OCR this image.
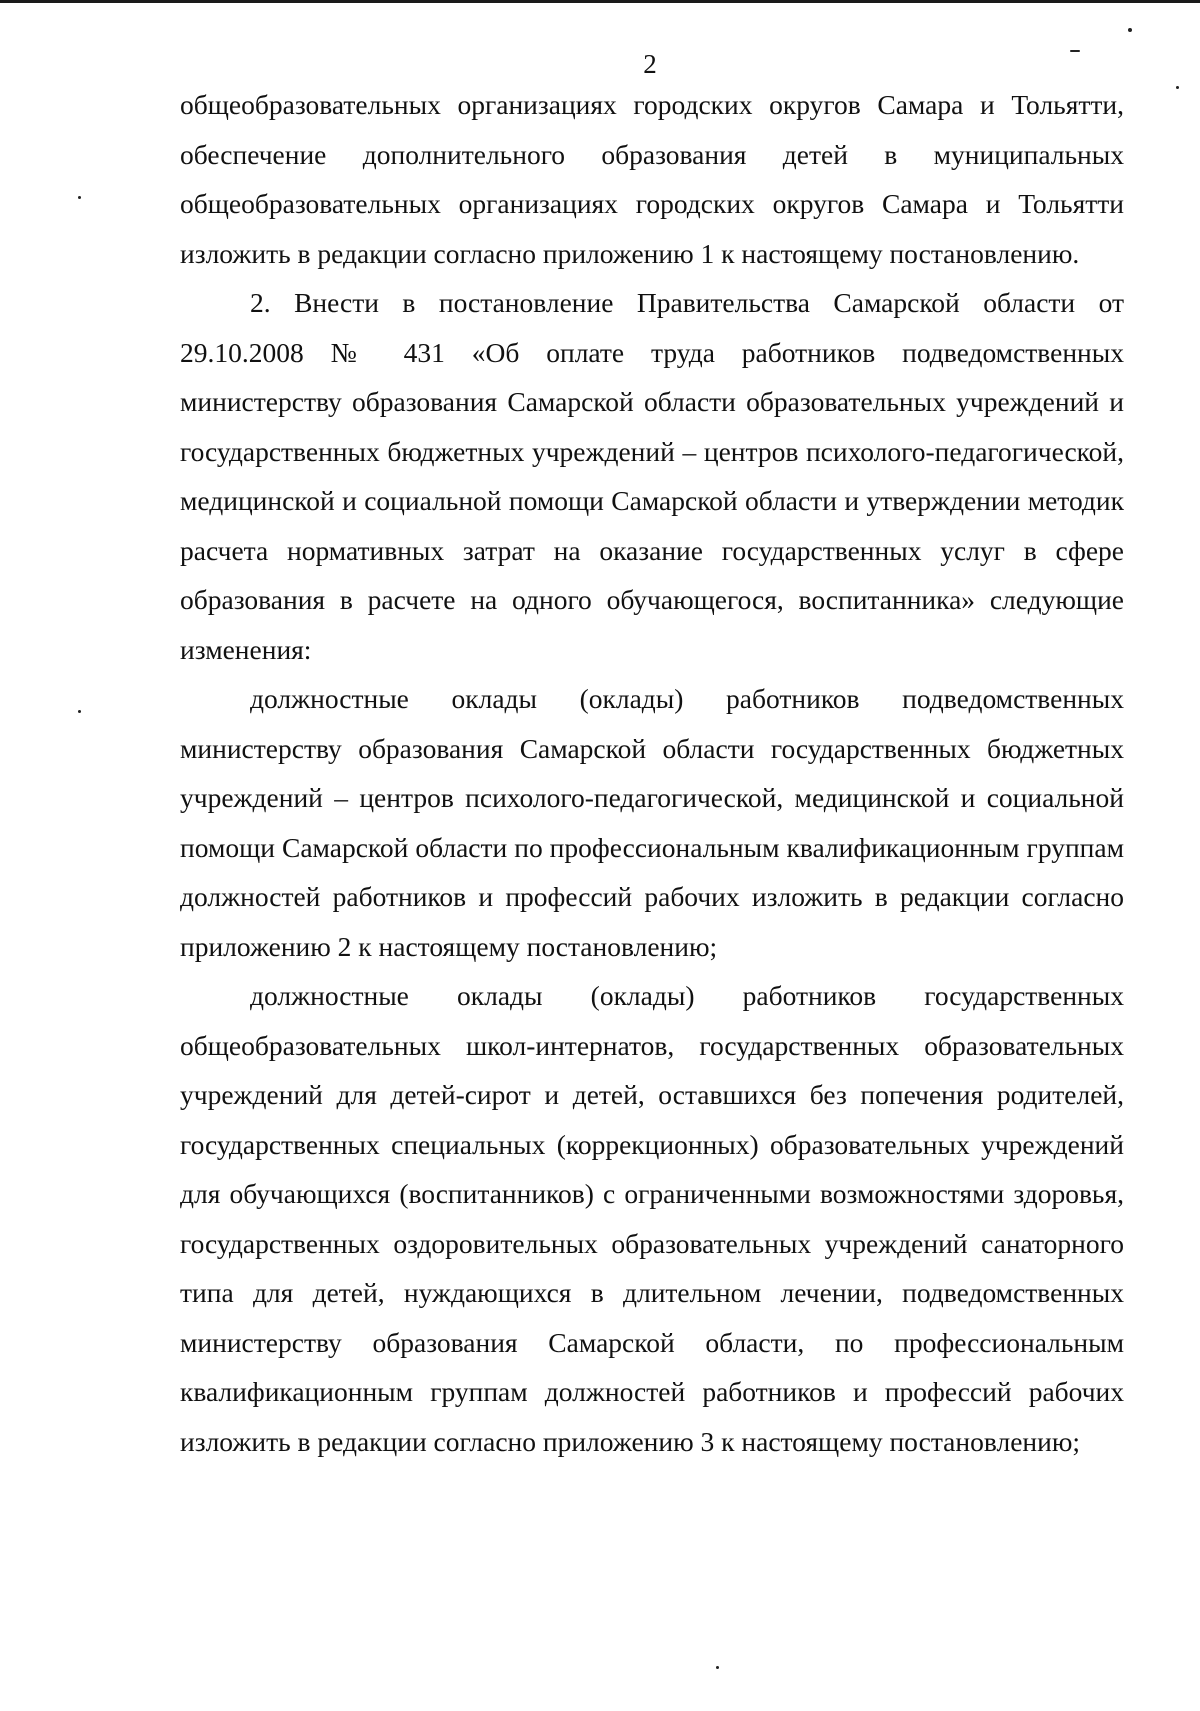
2

общеобразовательных организациях городских округов Самара и Тольятти, обеспечение дополнительного образования детей в муниципальных общеобразовательных организациях городских округов Самара и Тольятти изложить в редакции согласно приложению 1 к настоящему постановлению.

2. Внести в постановление Правительства Самарской области от 29.10.2008 № 431 «Об оплате труда работников подведомственных министерству образования Самарской области образовательных учреждений и государственных бюджетных учреждений – центров психолого-педагогической, медицинской и социальной помощи Самарской области и утверждении методик расчета нормативных затрат на оказание государственных услуг в сфере образования в расчете на одного обучающегося, воспитанника» следующие изменения:

должностные оклады (оклады) работников подведомственных министерству образования Самарской области государственных бюджетных учреждений – центров психолого-педагогической, медицинской и социальной помощи Самарской области по профессиональным квалификационным группам должностей работников и профессий рабочих изложить в редакции согласно приложению 2 к настоящему постановлению;

должностные оклады (оклады) работников государственных общеобразовательных школ-интернатов, государственных образовательных учреждений для детей-сирот и детей, оставшихся без попечения родителей, государственных специальных (коррекционных) образовательных учреждений для обучающихся (воспитанников) с ограниченными возможностями здоровья, государственных оздоровительных образовательных учреждений санаторного типа для детей, нуждающихся в длительном лечении, подведомственных министерству образования Самарской области, по профессиональным квалификационным группам должностей работников и профессий рабочих изложить в редакции согласно приложению 3 к настоящему постановлению;
